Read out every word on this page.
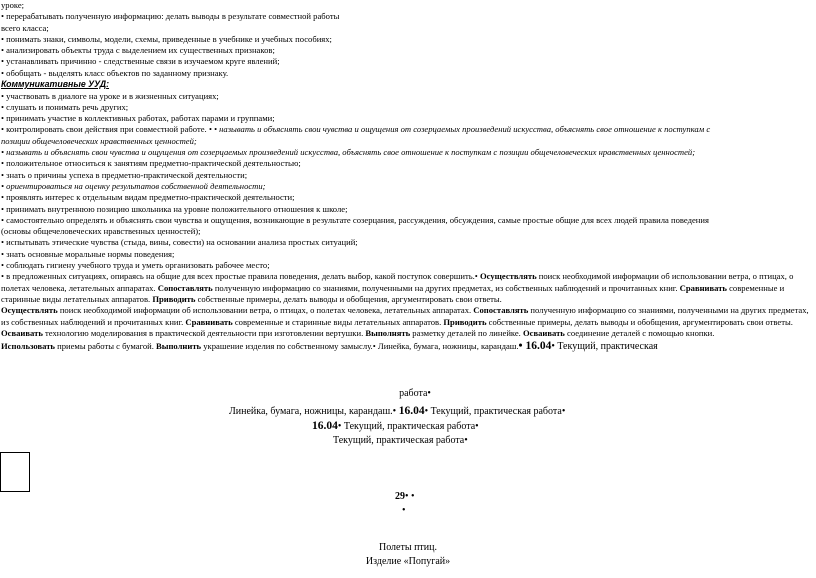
уроке;
• перерабатывать полученную информацию: делать выводы в результате совместной работы
всего класса;
• понимать знаки, символы, модели, схемы, приведенные в учебнике и учебных пособиях;
• анализировать объекты труда с выделением их существенных признаков;
• устанавливать причинно - следственные связи в изучаемом круге явлений;
• обобщать - выделять класс объектов по заданному признаку.
Коммуникативные УУД:
• участвовать в диалоге на уроке и в жизненных ситуациях;
• слушать и понимать речь других;
• принимать участие в коллективных работах, работах парами и группами;
• контролировать свои действия при совместной работе. • • называть и объяснять свои чувства и ощущения от созерцаемых произведений искусства, объяснять свое отношение к поступкам с
позиции общечеловеческих нравственных ценностей;
• называть и объяснять свои чувства и ощущения от созерцаемых произведений искусства, объяснять свое отношение к поступкам с позиции общечеловеческих нравственных ценностей;
• положительное относиться к занятиям предметно-практической деятельностью;
• знать о причины успеха в предметно-практической деятельности;
• ориентироваться на оценку результатов собственной деятельности;
• проявлять интерес к отдельным видам предметно-практической деятельности;
• принимать внутреннюю позицию школьника на уровне положительного отношения к школе;
• самостоятельно определять и объяснять свои чувства и ощущения, возникающие в результате созерцания, рассуждения, обсуждения, самые простые общие для всех людей правила поведения
(основы общечеловеческих нравственных ценностей);
• испытывать этические чувства (стыда, вины, совести) на основании анализа простых ситуаций;
• знать основные моральные нормы поведения;
• соблюдать гигиену учебного труда и уметь организовать рабочее место;
• в предложенных ситуациях, опираясь на общие для всех простые правила поведения, делать выбор, какой поступок совершить.• Осуществлять поиск необходимой информации об использовании ветра, о птицах, о полетах человека, летательных аппаратах. Сопоставлять полученную информацию со знаниями, полученными на других предметах, из собственных наблюдений и прочитанных книг. Сравнивать современные и старинные виды летательных аппаратов. Приводить собственные примеры, делать выводы и обобщения, аргументировать свои ответы.
Осуществлять поиск необходимой информации об использовании ветра, о птицах, о полетах человека, летательных аппаратах. Сопоставлять полученную информацию со знаниями, полученными на других предметах, из собственных наблюдений и прочитанных книг. Сравнивать современные и старинные виды летательных аппаратов. Приводить собственные примеры, делать выводы и обобщения, аргументировать свои ответы.
Осваивать технологию моделирования в практической деятельности при изготовлении вертушки. Выполнять разметку деталей по линейке. Осваивать соединение деталей с помощью кнопки.
Использовать приемы работы с бумагой. Выполнить украшение изделия по собственному замыслу.• Линейка, бумага, ножницы, карандаш.• 16.04• Текущий, практическая
работа•
Линейка, бумага, ножницы, карандаш.• 16.04• Текущий, практическая работа•
16.04• Текущий, практическая работа•
Текущий, практическая работа•
29• •
•
Полеты птиц.
Изделие «Попугай»
